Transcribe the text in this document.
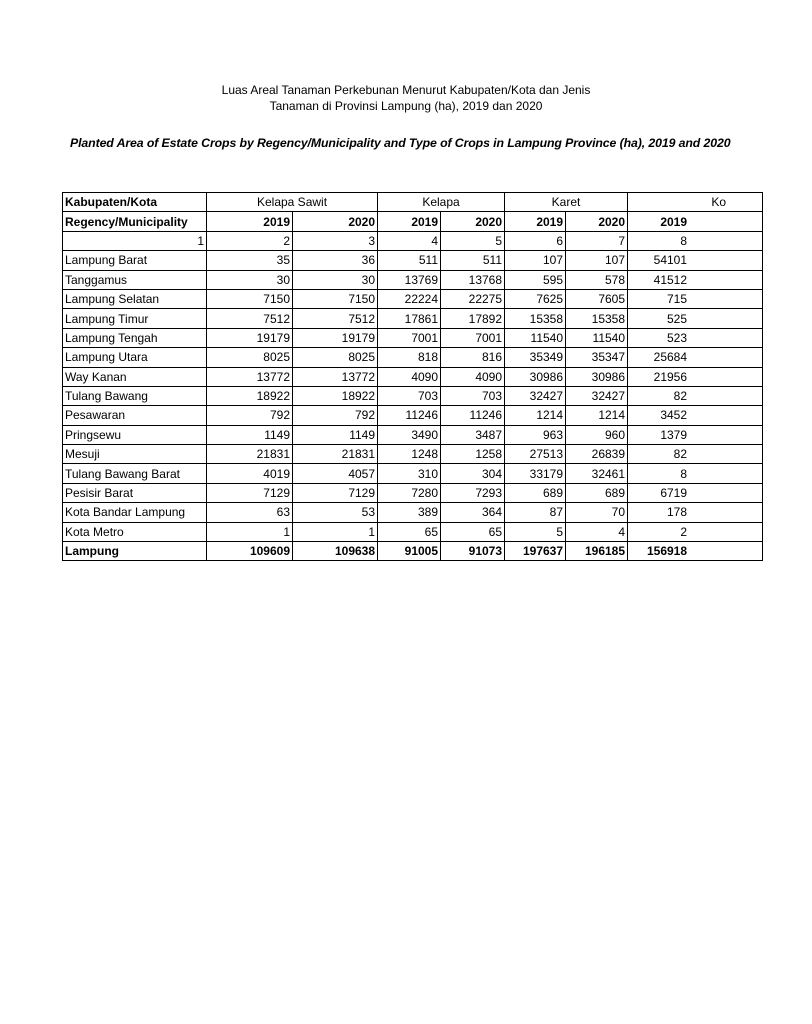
Luas Areal Tanaman Perkebunan Menurut Kabupaten/Kota dan Jenis
Tanaman di Provinsi Lampung (ha), 2019 dan 2020
Planted Area of Estate Crops by Regency/Municipality and Type of Crops in Lampung Province (ha), 2019 and 2020
Kabupaten/Kota	Kelapa Sawit		Kelapa		Karet		Ko
Regency/Municipality	2019	2020	2019	2020	2019	2020	2019
1	2	3	4	5	6	7	8
Lampung Barat	35	36	511	511	107	107	54101
Tanggamus	30	30	13769	13768	595	578	41512
Lampung Selatan	7150	7150	22224	22275	7625	7605	715
Lampung Timur	7512	7512	17861	17892	15358	15358	525
Lampung Tengah	19179	19179	7001	7001	11540	11540	523
Lampung Utara	8025	8025	818	816	35349	35347	25684
Way Kanan	13772	13772	4090	4090	30986	30986	21956
Tulang Bawang	18922	18922	703	703	32427	32427	82
Pesawaran	792	792	11246	11246	1214	1214	3452
Pringsewu	1149	1149	3490	3487	963	960	1379
Mesuji	21831	21831	1248	1258	27513	26839	82
Tulang Bawang Barat	4019	4057	310	304	33179	32461	8
Pesisir Barat	7129	7129	7280	7293	689	689	6719
Kota Bandar Lampung	63	53	389	364	87	70	178
Kota Metro	1	1	65	65	5	4	2
Lampung	109609	109638	91005	91073	197637	196185	156918
